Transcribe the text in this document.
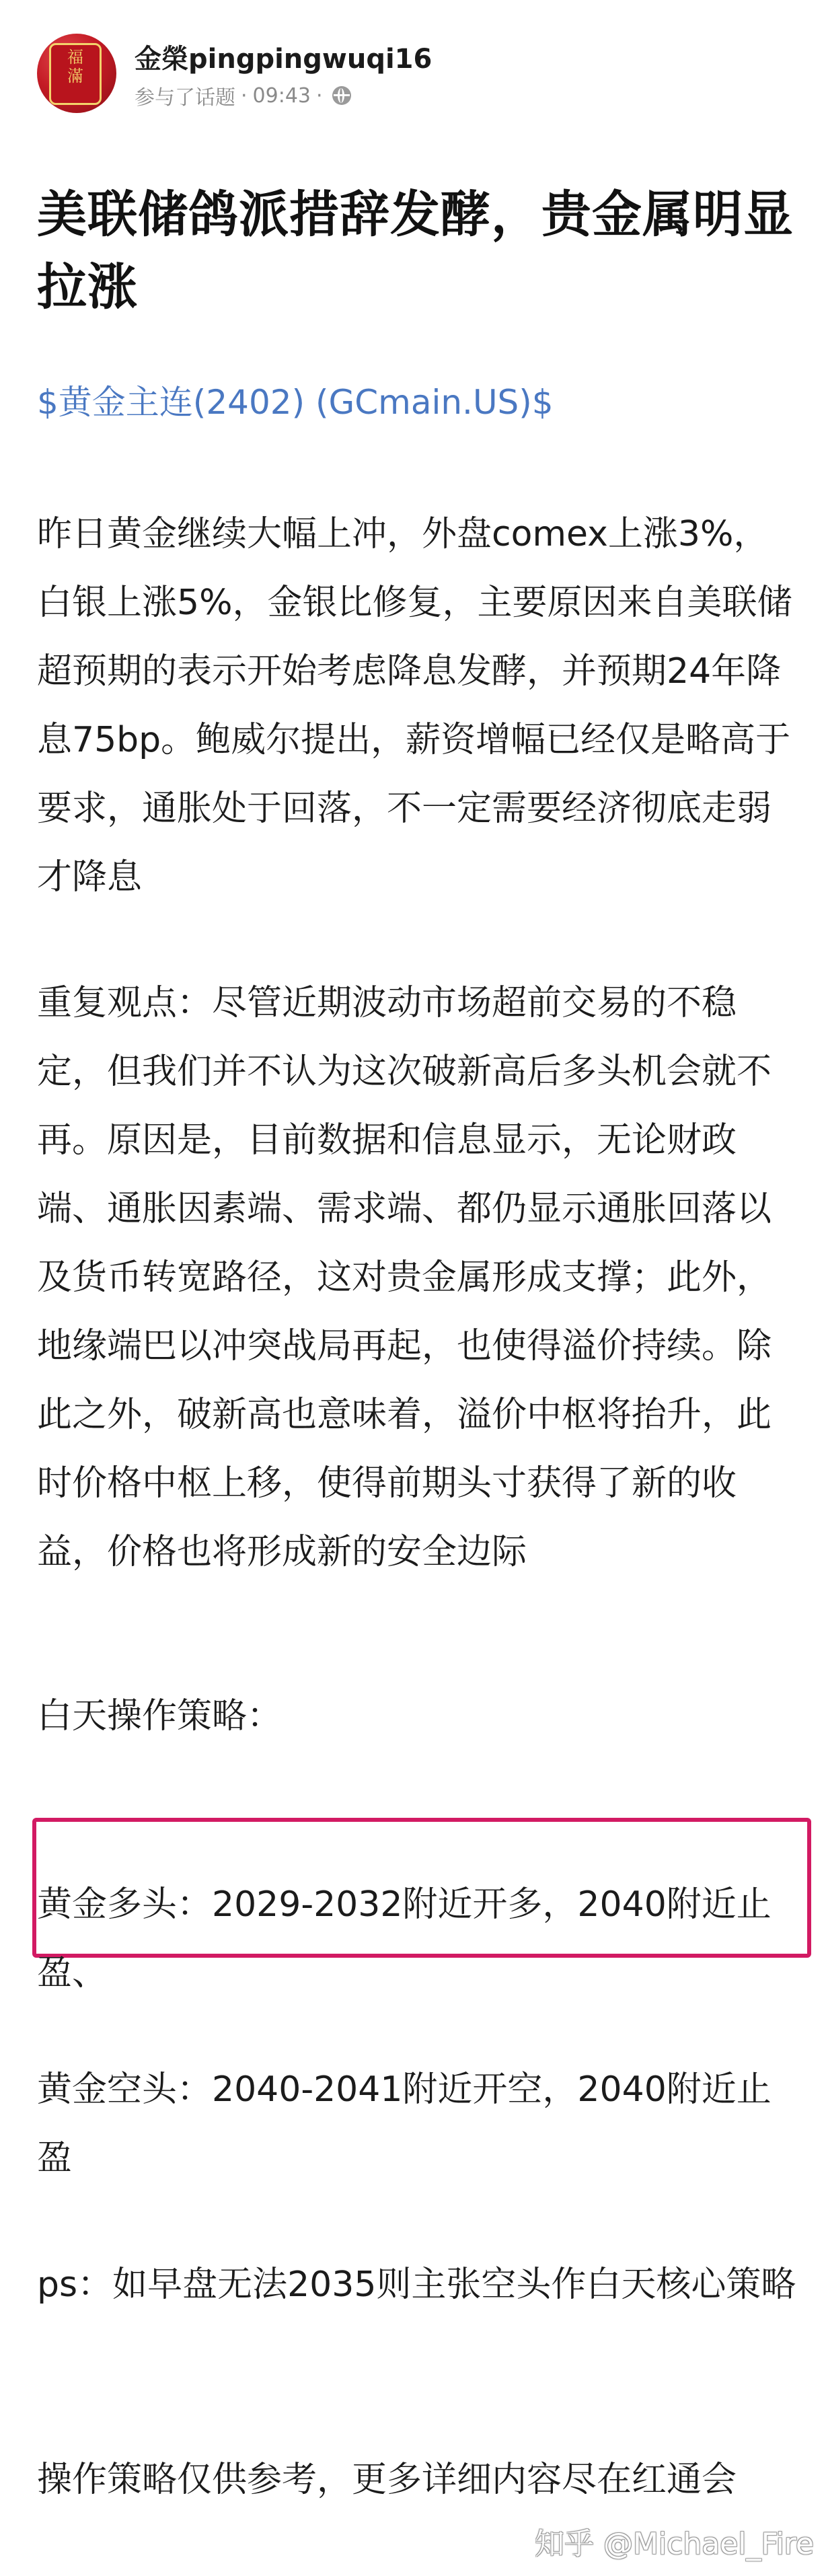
福
滿

金榮pingpingwuqi16
参与了话题 · 09:43 ·
美联储鸽派措辞发酵，贵金属明显拉涨
$黄金主连(2402) (GCmain.US)$
昨日黄金继续大幅上冲，外盘comex上涨3%，白银上涨5%，金银比修复，主要原因来自美联储超预期的表示开始考虑降息发酵，并预期24年降息75bp。鲍威尔提出，薪资增幅已经仅是略高于要求，通胀处于回落，不一定需要经济彻底走弱才降息
重复观点：尽管近期波动市场超前交易的不稳定，但我们并不认为这次破新高后多头机会就不再。原因是，目前数据和信息显示，无论财政端、通胀因素端、需求端、都仍显示通胀回落以及货币转宽路径，这对贵金属形成支撑；此外，地缘端巴以冲突战局再起，也使得溢价持续。除此之外，破新高也意味着，溢价中枢将抬升，此时价格中枢上移，使得前期头寸获得了新的收益，价格也将形成新的安全边际
白天操作策略：
黄金多头：2029-2032附近开多，2040附近止盈、
黄金空头：2040-2041附近开空，2040附近止盈
ps：如早盘无法2035则主张空头作白天核心策略
操作策略仅供参考，更多详细内容尽在红通会
知乎 @Michael_Fire
